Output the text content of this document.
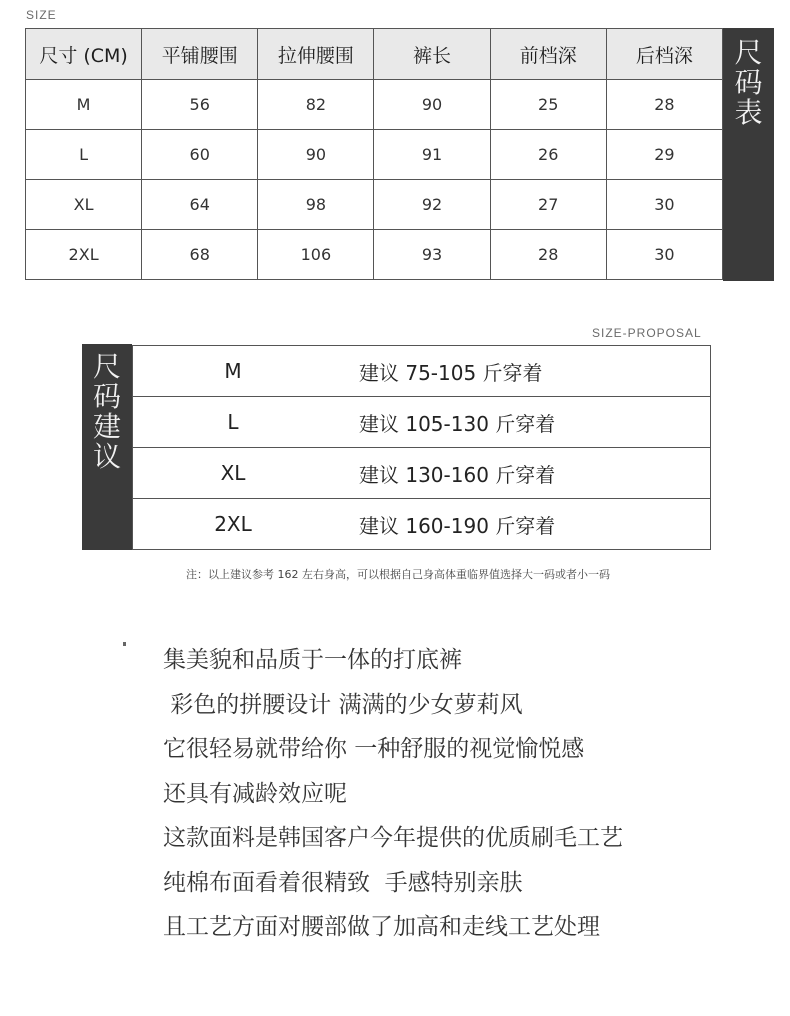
SIZE
尺寸 (CM)	平铺腰围	拉伸腰围	裤长	前档深	后档深
M	56	82	90	25	28
L	60	90	91	26	29
XL	64	98	92	27	30
2XL	68	106	93	28	30
尺
码
表
SIZE-PROPOSAL
尺
码
建
议
M	建议 75-105 斤穿着
L	建议 105-130 斤穿着
XL	建议 130-160 斤穿着
2XL	建议 160-190 斤穿着
注：以上建议参考 162 左右身高，可以根据自己身高体重临界值选择大一码或者小一码
集美貌和品质于一体的打底裤
彩色的拼腰设计 满满的少女萝莉风
它很轻易就带给你 一种舒服的视觉愉悦感
还具有减龄效应呢
这款面料是韩国客户今年提供的优质刷毛工艺
纯棉布面看着很精致  手感特别亲肤
且工艺方面对腰部做了加高和走线工艺处理
